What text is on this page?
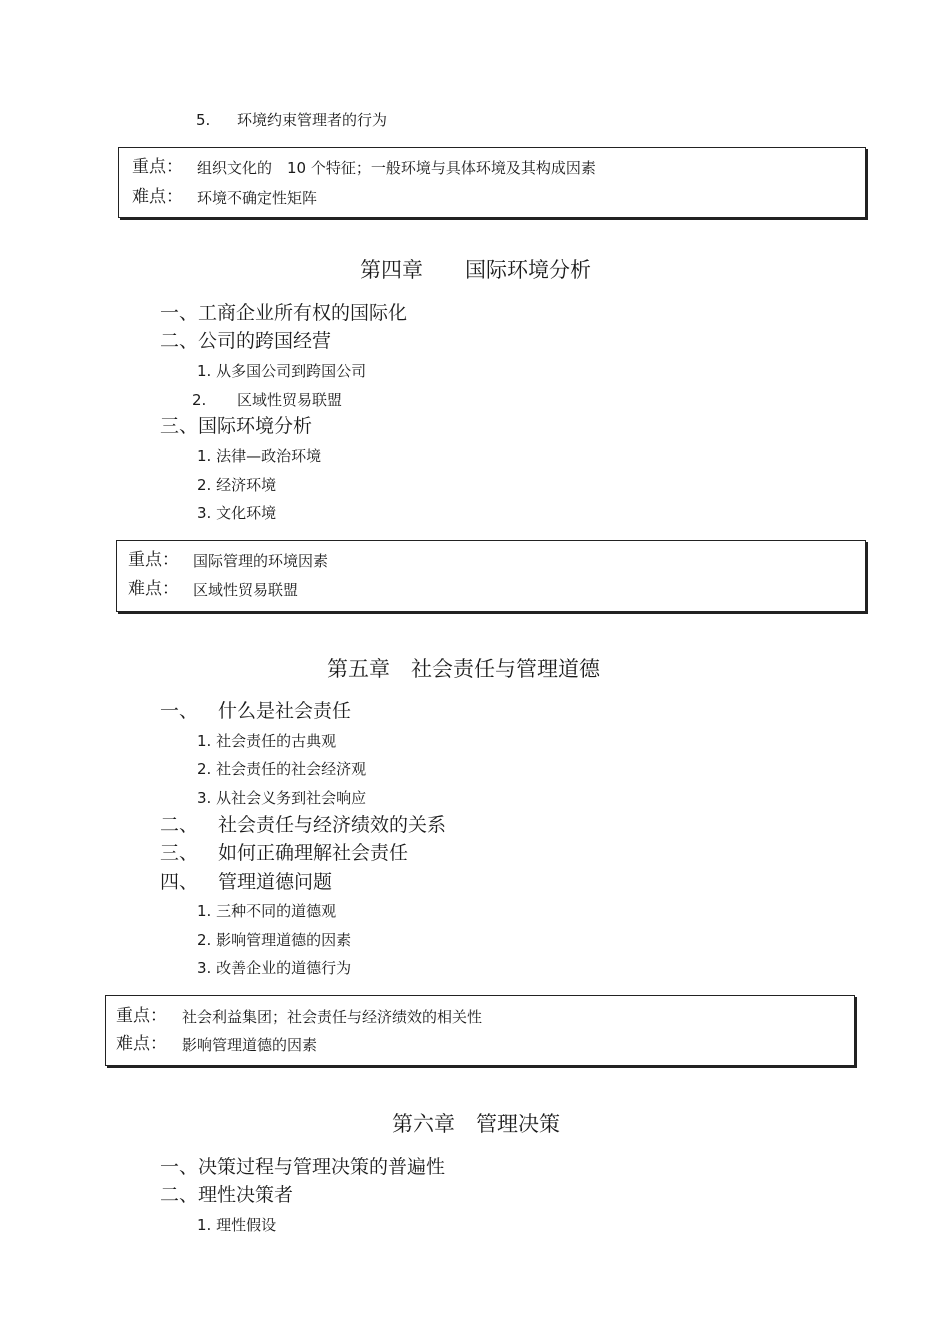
5. 环境约束管理者的行为
重点： 组织文化的　10 个特征；一般环境与具体环境及其构成因素
难点： 环境不确定性矩阵
第四章　　国际环境分析
一、工商企业所有权的国际化
二、公司的跨国经营
1. 从多国公司到跨国公司
2. 区域性贸易联盟
三、国际环境分析
1. 法律—政治环境
2. 经济环境
3. 文化环境
重点： 国际管理的环境因素
难点： 区域性贸易联盟
第五章　社会责任与管理道德
一、 什么是社会责任
1. 社会责任的古典观
2. 社会责任的社会经济观
3. 从社会义务到社会响应
二、 社会责任与经济绩效的关系
三、 如何正确理解社会责任
四、 管理道德问题
1. 三种不同的道德观
2. 影响管理道德的因素
3. 改善企业的道德行为
重点： 社会利益集团；社会责任与经济绩效的相关性
难点： 影响管理道德的因素
第六章　管理决策
一、决策过程与管理决策的普遍性
二、理性决策者
1. 理性假设
